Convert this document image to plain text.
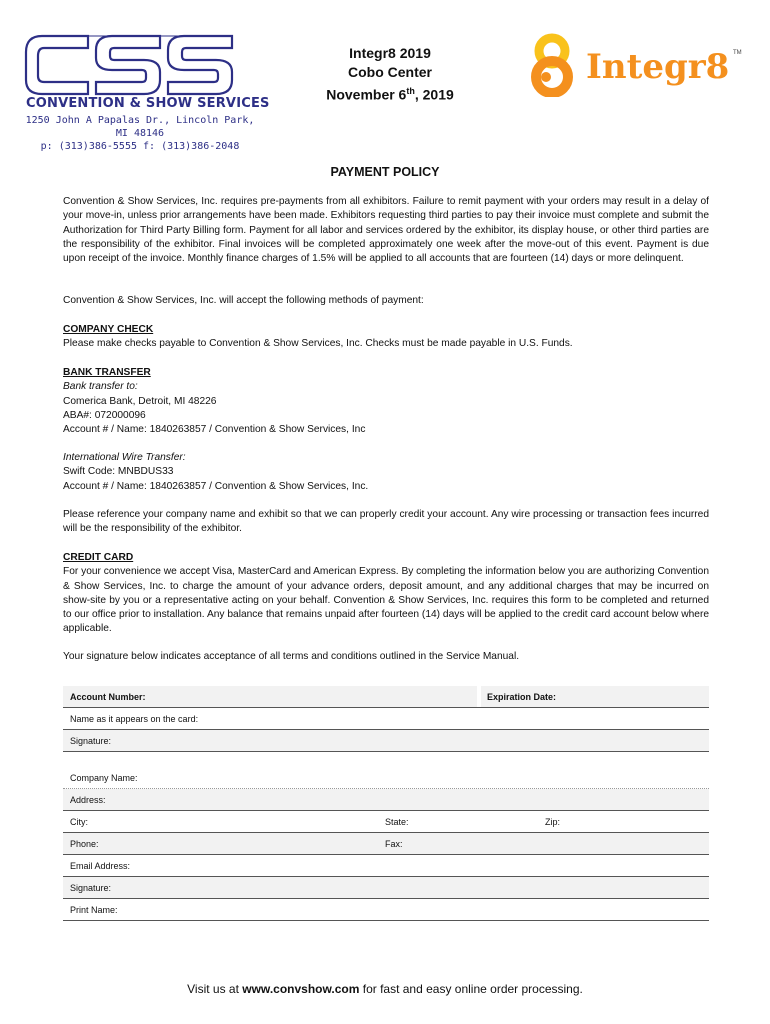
CONVENTION & SHOW SERVICES
1250 John A Papalas Dr., Lincoln Park, MI 48146
p: (313)386-5555 f: (313)386-2048
Integr8 2019
Cobo Center
November 6th, 2019
Integr8 TM
PAYMENT POLICY
Convention & Show Services, Inc. requires pre-payments from all exhibitors. Failure to remit payment with your orders may result in a delay of your move-in, unless prior arrangements have been made. Exhibitors requesting third parties to pay their invoice must complete and submit the Authorization for Third Party Billing form. Payment for all labor and services ordered by the exhibitor, its display house, or other third parties are the responsibility of the exhibitor. Final invoices will be completed approximately one week after the move-out of this event. Payment is due upon receipt of the invoice. Monthly finance charges of 1.5% will be applied to all accounts that are fourteen (14) days or more delinquent.
Convention & Show Services, Inc. will accept the following methods of payment:
COMPANY CHECK
Please make checks payable to Convention & Show Services, Inc. Checks must be made payable in U.S. Funds.
BANK TRANSFER
Bank transfer to:
Comerica Bank, Detroit, MI 48226
ABA#: 072000096
Account # / Name: 1840263857 / Convention & Show Services, Inc
International Wire Transfer:
Swift Code: MNBDUS33
Account # / Name: 1840263857 / Convention & Show Services, Inc.
Please reference your company name and exhibit so that we can properly credit your account. Any wire processing or transaction fees incurred will be the responsibility of the exhibitor.
CREDIT CARD
For your convenience we accept Visa, MasterCard and American Express. By completing the information below you are authorizing Convention & Show Services, Inc. to charge the amount of your advance orders, deposit amount, and any additional charges that may be incurred on show-site by you or a representative acting on your behalf. Convention & Show Services, Inc. requires this form to be completed and returned to our office prior to installation. Any balance that remains unpaid after fourteen (14) days will be applied to the credit card account below where applicable.
Your signature below indicates acceptance of all terms and conditions outlined in the Service Manual.
Account Number:	Expiration Date:
Name as it appears on the card:
Signature:
Company Name:
Address:
City:	State:	Zip:
Phone:	Fax:
Email Address:
Signature:
Print Name:
Visit us at www.convshow.com for fast and easy online order processing.
